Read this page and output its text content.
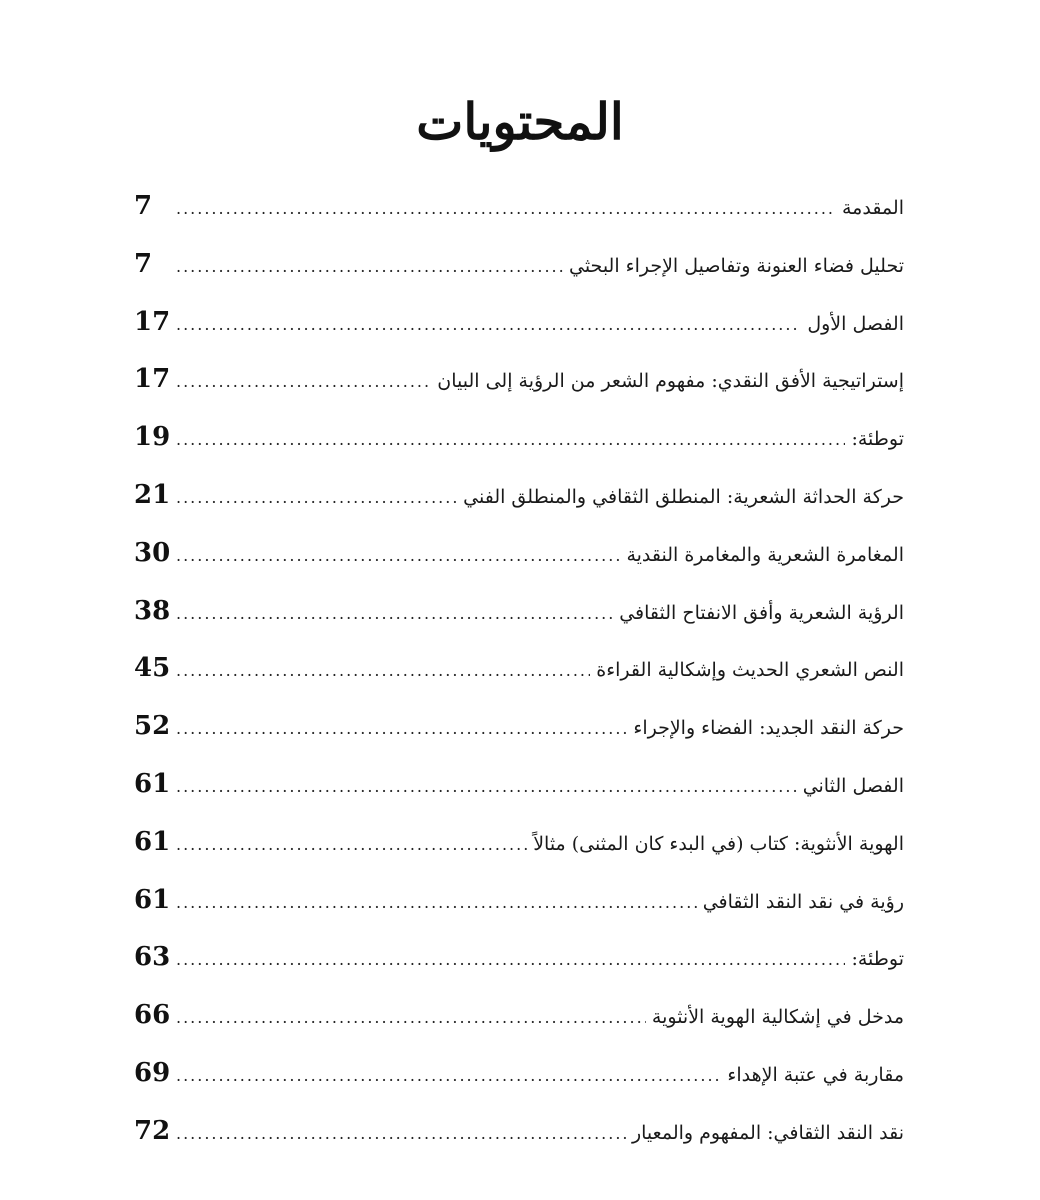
المحتويات
المقدمة
.....
7
تحليل فضاء العنونة وتفاصيل الإجراء البحثي
.....
7
الفصل الأول
.....
17
إستراتيجية الأفق النقدي: مفهوم الشعر من الرؤية إلى البيان
.....
17
توطئة:
.....
19
حركة الحداثة الشعرية: المنطلق الثقافي والمنطلق الفني
.....
21
المغامرة الشعرية والمغامرة النقدية
.....
30
الرؤية الشعرية وأفق الانفتاح الثقافي
.....
38
النص الشعري الحديث وإشكالية القراءة
.....
45
حركة النقد الجديد: الفضاء والإجراء
.....
52
الفصل الثاني
.....
61
الهوية الأنثوية: كتاب (في البدء كان المثنى) مثالاً
.....
61
رؤية في نقد النقد الثقافي
.....
61
توطئة:
.....
63
مدخل في إشكالية الهوية الأنثوية
.....
66
مقاربة في عتبة الإهداء
.....
69
نقد النقد الثقافي: المفهوم والمعيار
.....
72
